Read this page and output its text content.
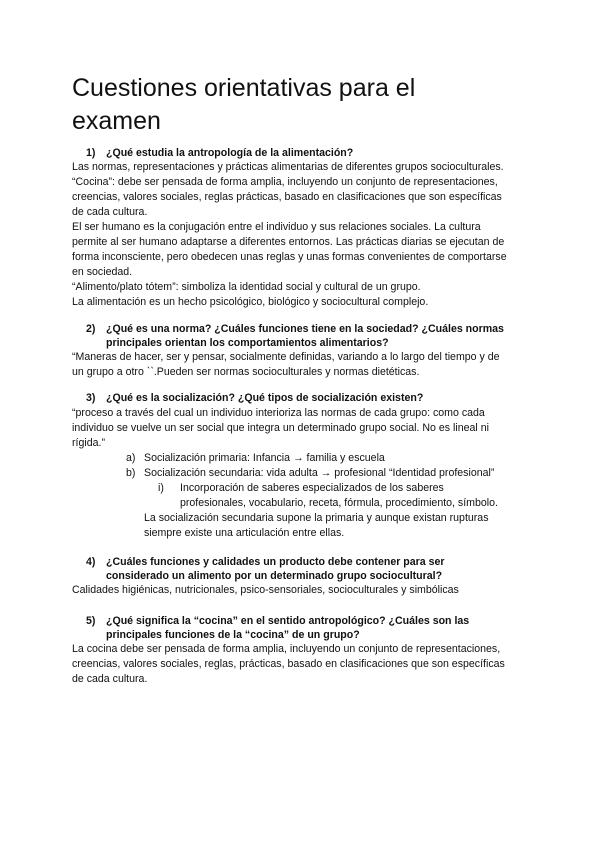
Cuestiones orientativas para el examen
1) ¿Qué estudia la antropología de la alimentación?
Las normas, representaciones y prácticas alimentarias de diferentes grupos socioculturales.
“Cocina”: debe ser pensada de forma amplia, incluyendo un conjunto de representaciones,
creencias, valores sociales, reglas prácticas, basado en clasificaciones que son específicas
de cada cultura.
El ser humano es la conjugación entre el individuo y sus relaciones sociales. La cultura
permite al ser humano adaptarse a diferentes entornos. Las prácticas diarias se ejecutan de
forma inconsciente, pero obedecen unas reglas y unas formas convenientes de comportarse
en sociedad.
“Alimento/plato tótem”: simboliza la identidad social y cultural de un grupo.
La alimentación es un hecho psicológico, biológico y sociocultural complejo.
2) ¿Qué es una norma? ¿Cuáles funciones tiene en la sociedad? ¿Cuáles normas
principales orientan los comportamientos alimentarios?
“Maneras de hacer, ser y pensar, socialmente definidas, variando a lo largo del tiempo y de
un grupo a otro ``.Pueden ser normas socioculturales y normas dietéticas.
3) ¿Qué es la socialización? ¿Qué tipos de socialización existen?
“proceso a través del cual un individuo interioriza las normas de cada grupo: como cada
individuo se vuelve un ser social que integra un determinado grupo social. No es lineal ni
rígida.”
a) Socialización primaria: Infancia → familia y escuela
b) Socialización secundaria: vida adulta → profesional “Identidad profesional”
i) Incorporación de saberes especializados de los saberes
profesionales, vocabulario, receta, fórmula, procedimiento, símbolo.
La socialización secundaria supone la primaria y aunque existan rupturas
siempre existe una articulación entre ellas.
4) ¿Cuáles funciones y calidades un producto debe contener para ser
considerado un alimento por un determinado grupo sociocultural?
Calidades higiénicas, nutricionales, psico-sensoriales, socioculturales y simbólicas
5) ¿Qué significa la “cocina” en el sentido antropológico? ¿Cuáles son las
principales funciones de la “cocina” de un grupo?
La cocina debe ser pensada de forma amplia, incluyendo un conjunto de representaciones,
creencias, valores sociales, reglas, prácticas, basado en clasificaciones que son específicas
de cada cultura.
